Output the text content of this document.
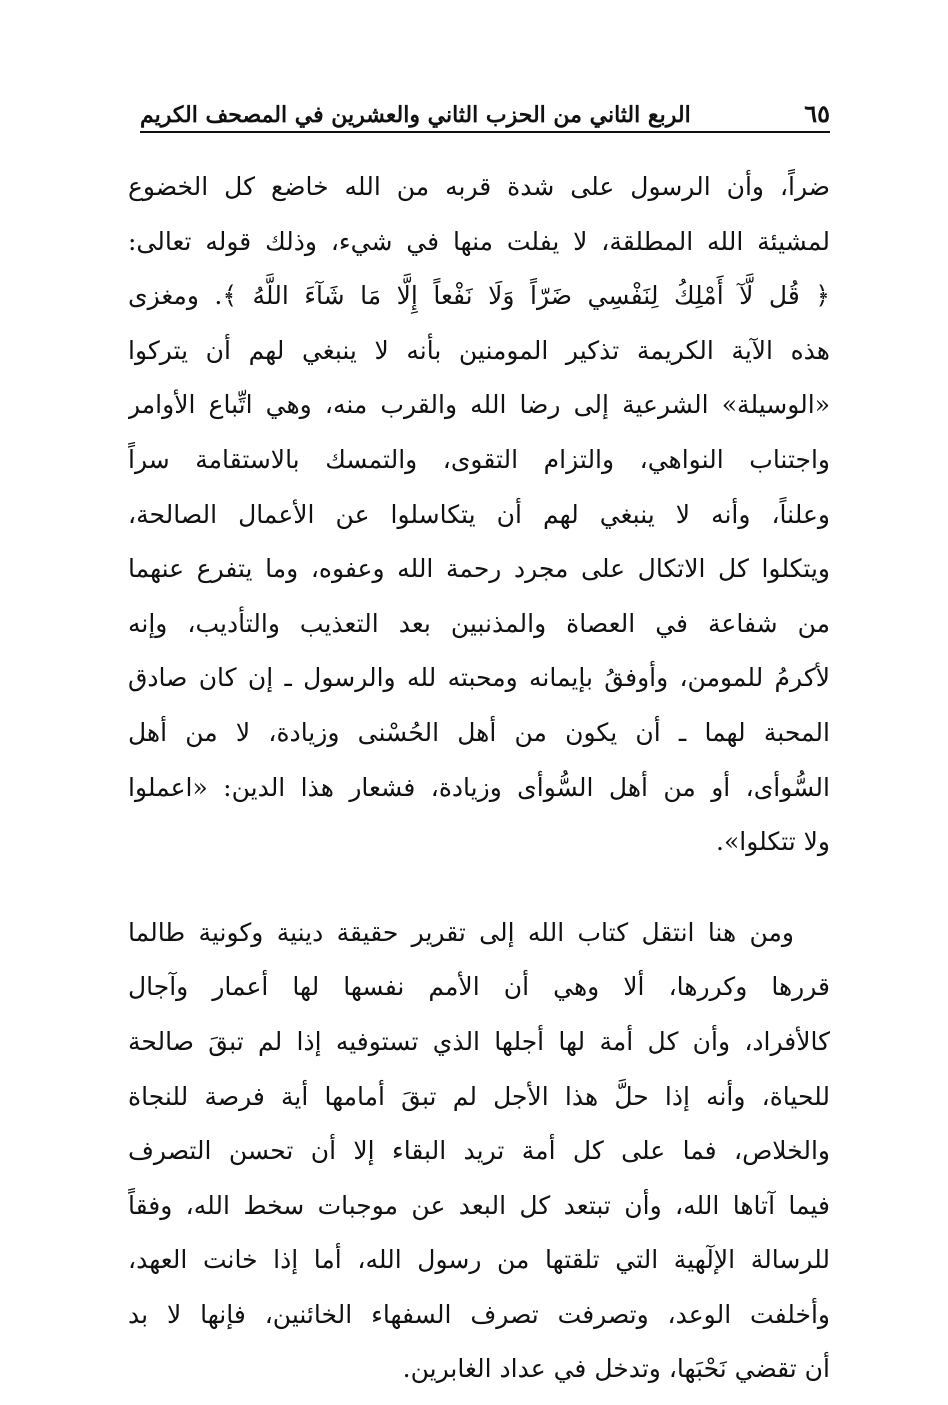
الربع الثاني من الحزب الثاني والعشرين في المصحف الكريم	٦٥
ضراً، وأن الرسول على شدة قربه من الله خاضع كل الخضوع
لمشيئة الله المطلقة، لا يفلت منها في شيء، وذلك قوله تعالى:
﴿ قُل لَّآ أَمْلِكُ لِنَفْسِي ضَرّاً وَلَا نَفْعاً إِلَّا مَا شَآءَ اللَّهُ ﴾. ومغزى
هذه الآية الكريمة تذكير المومنين بأنه لا ينبغي لهم أن يتركوا
«الوسيلة» الشرعية إلى رضا الله والقرب منه، وهي اتِّباع الأوامر
واجتناب النواهي، والتزام التقوى، والتمسك بالاستقامة سراً
وعلناً، وأنه لا ينبغي لهم أن يتكاسلوا عن الأعمال الصالحة،
ويتكلوا كل الاتكال على مجرد رحمة الله وعفوه، وما يتفرع عنهما
من شفاعة في العصاة والمذنبين بعد التعذيب والتأديب، وإنه
لأكرمُ للمومن، وأوفقُ بإيمانه ومحبته لله والرسول ـ إن كان صادق
المحبة لهما ـ أن يكون من أهل الحُسْنى وزيادة، لا من أهل
السُّوأى، أو من أهل السُّوأى وزيادة، فشعار هذا الدين: «اعملوا
ولا تتكلوا».
ومن هنا انتقل كتاب الله إلى تقرير حقيقة دينية وكونية طالما
قررها وكررها، ألا وهي أن الأمم نفسها لها أعمار وآجال
كالأفراد، وأن كل أمة لها أجلها الذي تستوفيه إذا لم تبقَ صالحة
للحياة، وأنه إذا حلَّ هذا الأجل لم تبقَ أمامها أية فرصة للنجاة
والخلاص، فما على كل أمة تريد البقاء إلا أن تحسن التصرف
فيما آتاها الله، وأن تبتعد كل البعد عن موجبات سخط الله، وفقاً
للرسالة الإلٓهية التي تلقتها من رسول الله، أما إذا خانت العهد،
وأخلفت الوعد، وتصرفت تصرف السفهاء الخائنين، فإنها لا بد
أن تقضي نَحْبَها، وتدخل في عداد الغابرين.
